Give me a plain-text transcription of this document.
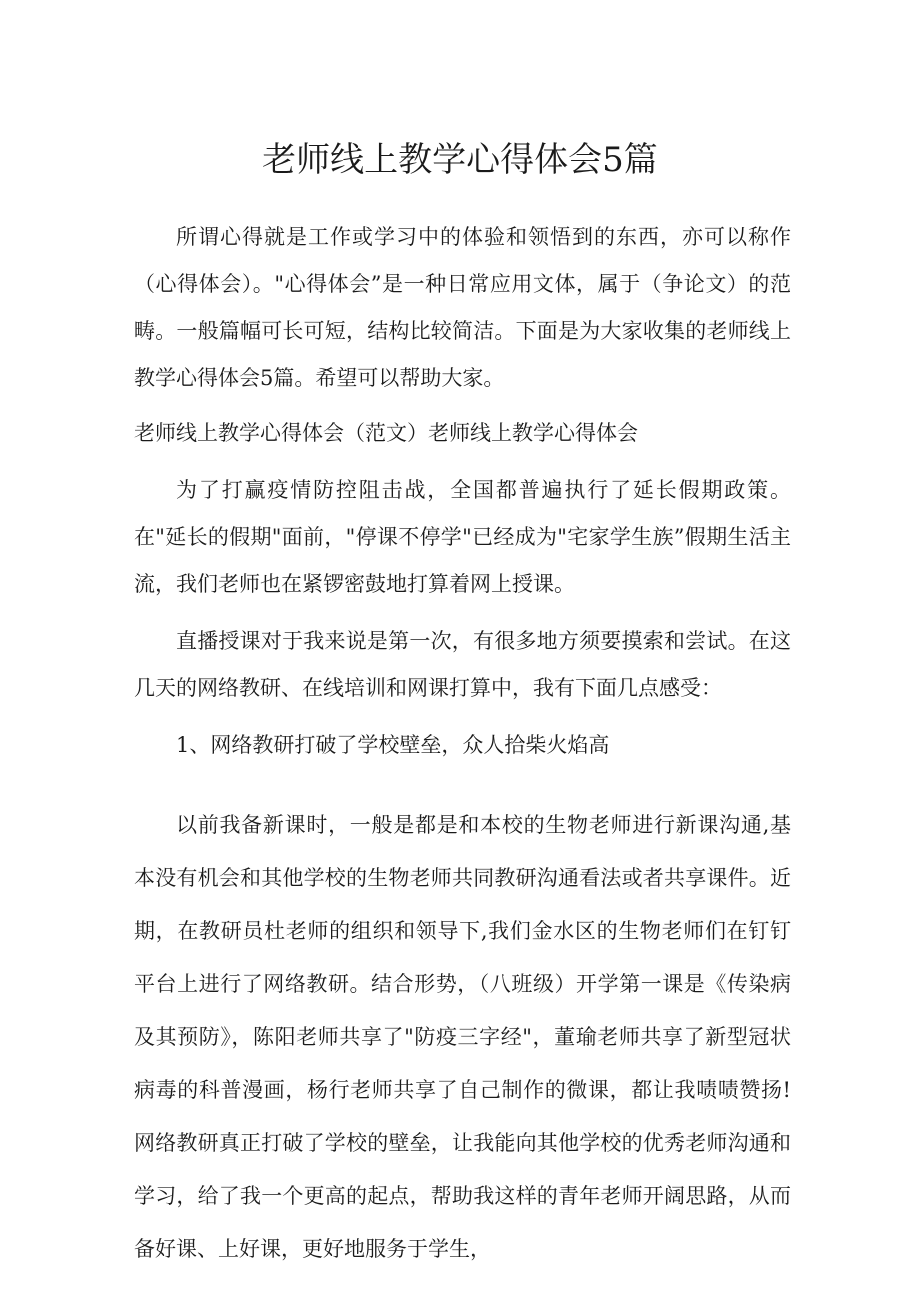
老师线上教学心得体会5篇

所谓心得就是工作或学习中的体验和领悟到的东西，亦可以称作（心得体会）。"心得体会”是一种日常应用文体，属于（争论文）的范畴。一般篇幅可长可短，结构比较简洁。下面是为大家收集的老师线上教学心得体会5篇。希望可以帮助大家。

老师线上教学心得体会（范文）老师线上教学心得体会

为了打赢疫情防控阻击战，全国都普遍执行了延长假期政策。在"延长的假期"面前，"停课不停学"已经成为"宅家学生族”假期生活主流，我们老师也在紧锣密鼓地打算着网上授课。

直播授课对于我来说是第一次，有很多地方须要摸索和尝试。在这几天的网络教研、在线培训和网课打算中，我有下面几点感受：

1、网络教研打破了学校壁垒，众人拾柴火焰高

以前我备新课时，一般是都是和本校的生物老师进行新课沟通,基本没有机会和其他学校的生物老师共同教研沟通看法或者共享课件。近期，在教研员杜老师的组织和领导下,我们金水区的生物老师们在钉钉平台上进行了网络教研。结合形势，（八班级）开学第一课是《传染病及其预防》，陈阳老师共享了"防疫三字经"，董瑜老师共享了新型冠状病毒的科普漫画，杨行老师共享了自己制作的微课，都让我啧啧赞扬!网络教研真正打破了学校的壁垒，让我能向其他学校的优秀老师沟通和学习，给了我一个更高的起点，帮助我这样的青年老师开阔思路，从而备好课、上好课，更好地服务于学生，
